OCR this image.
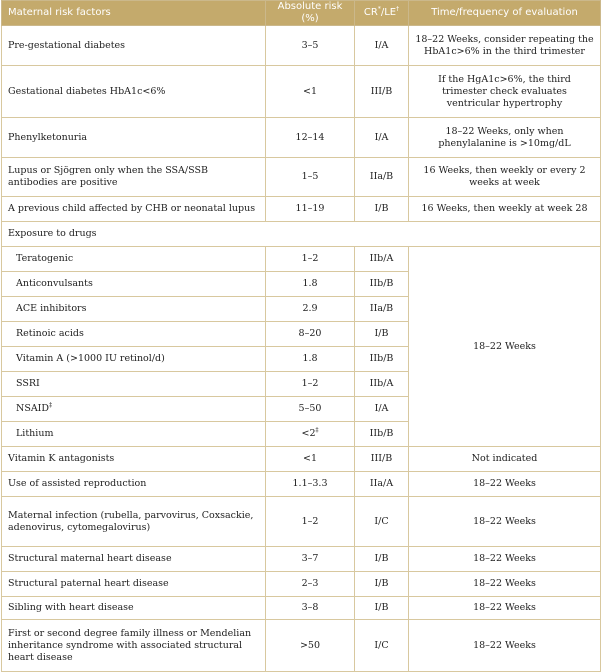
Maternal risk factors	Absolute risk (%)	CR*/LE†	Time/frequency of evaluation
Pre-gestational diabetes	3–5	I/A	18–22 Weeks, consider repeating the HbA1c>6% in the third trimester
Gestational diabetes HbA1c<6%	<1	III/B	If the HgA1c>6%, the third trimester check evaluates ventricular hypertrophy
Phenylketonuria	12–14	I/A	18–22 Weeks, only when phenylalanine is >10mg/dL
Lupus or Sjögren only when the SSA/SSB antibodies are positive	1–5	IIa/B	16 Weeks, then weekly or every 2 weeks at week
A previous child affected by CHB or neonatal lupus	11–19	I/B	16 Weeks, then weekly at week 28
Exposure to drugs			
Teratogenic	1–2	IIb/A	18–22 Weeks
Anticonvulsants	1.8	IIb/B	
ACE inhibitors	2.9	IIa/B	
Retinoic acids	8–20	I/B	
Vitamin A (>1000 IU retinol/d)	1.8	IIb/B	
SSRI	1–2	IIb/A	
NSAID‡	5–50	I/A	
Lithium	<2‡	IIb/B	
Vitamin K antagonists	<1	III/B	Not indicated
Use of assisted reproduction	1.1–3.3	IIa/A	18–22 Weeks
Maternal infection (rubella, parvovirus, Coxsackie, adenovirus, cytomegalovirus)	1–2	I/C	18–22 Weeks
Structural maternal heart disease	3–7	I/B	18–22 Weeks
Structural paternal heart disease	2–3	I/B	18–22 Weeks
Sibling with heart disease	3–8	I/B	18–22 Weeks
First or second degree family illness or Mendelian inheritance syndrome with associated structural heart disease	>50	I/C	18–22 Weeks
